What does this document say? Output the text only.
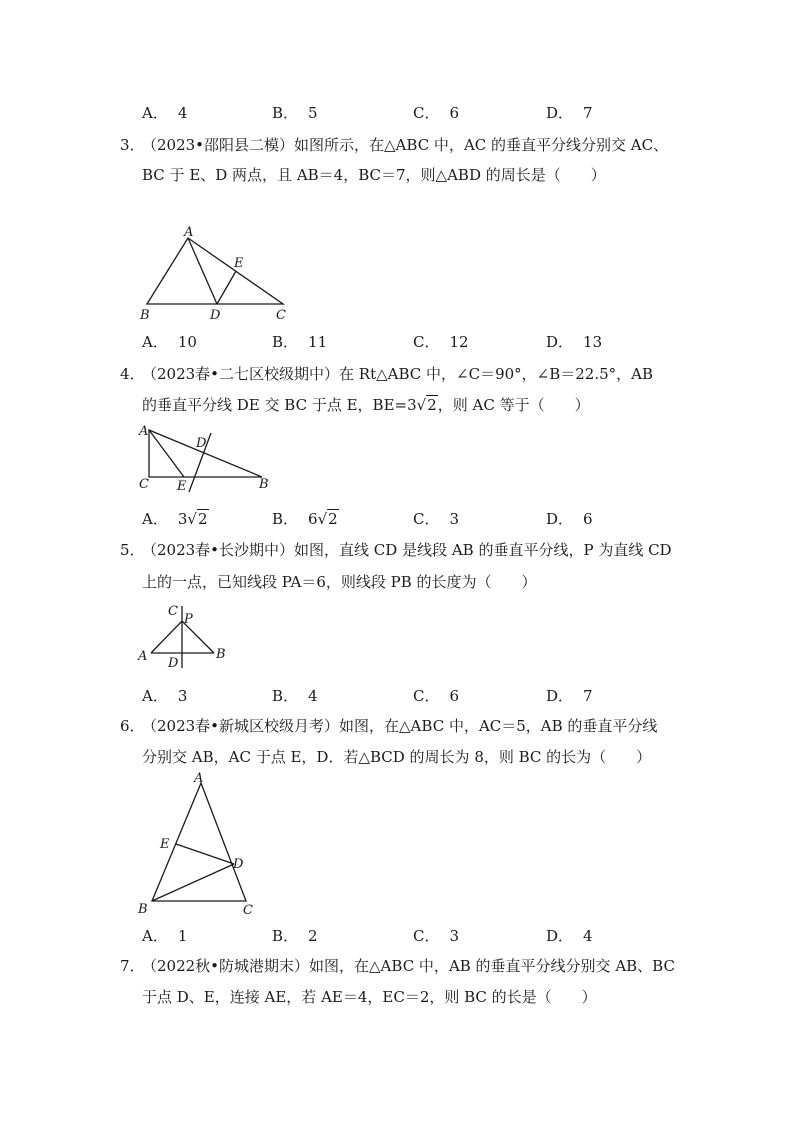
A． 4	B． 5	C． 6	D． 7
3．
（2023•邵阳县二模）如图所示，在△ABC 中，AC 的垂直平分线分别交 AC、
BC 于 E、D 两点，且 AB＝4，BC＝7，则△ABD 的周长是（　　）
A
B	C
D
E
A． 10	B． 11	C． 12	D． 13
4．
（2023春•二七区校级期中）在 Rt△ABC 中，∠C＝90°，∠B＝22.5°，AB
的垂直平分线 DE 交 BC 于点 E，BE=3√2，则 AC 等于（　　）
A
C	B
D
E
A． 3√2	B． 6√2	C． 3	D． 6
5．
（2023春•长沙期中）如图，直线 CD 是线段 AB 的垂直平分线，P 为直线 CD
上的一点，已知线段 PA＝6，则线段 PB 的长度为（　　）
C
P
A	B
D
A． 3	B． 4	C． 6	D． 7
6．
（2023春•新城区校级月考）如图，在△ABC 中，AC＝5，AB 的垂直平分线
分别交 AB，AC 于点 E，D．若△BCD 的周长为 8，则 BC 的长为（　　）
A
E
D
B	C
A． 1	B． 2	C． 3	D． 4
7．
（2022秋•防城港期末）如图，在△ABC 中，AB 的垂直平分线分别交 AB、BC
于点 D、E，连接 AE，若 AE＝4，EC＝2，则 BC 的长是（　　）
